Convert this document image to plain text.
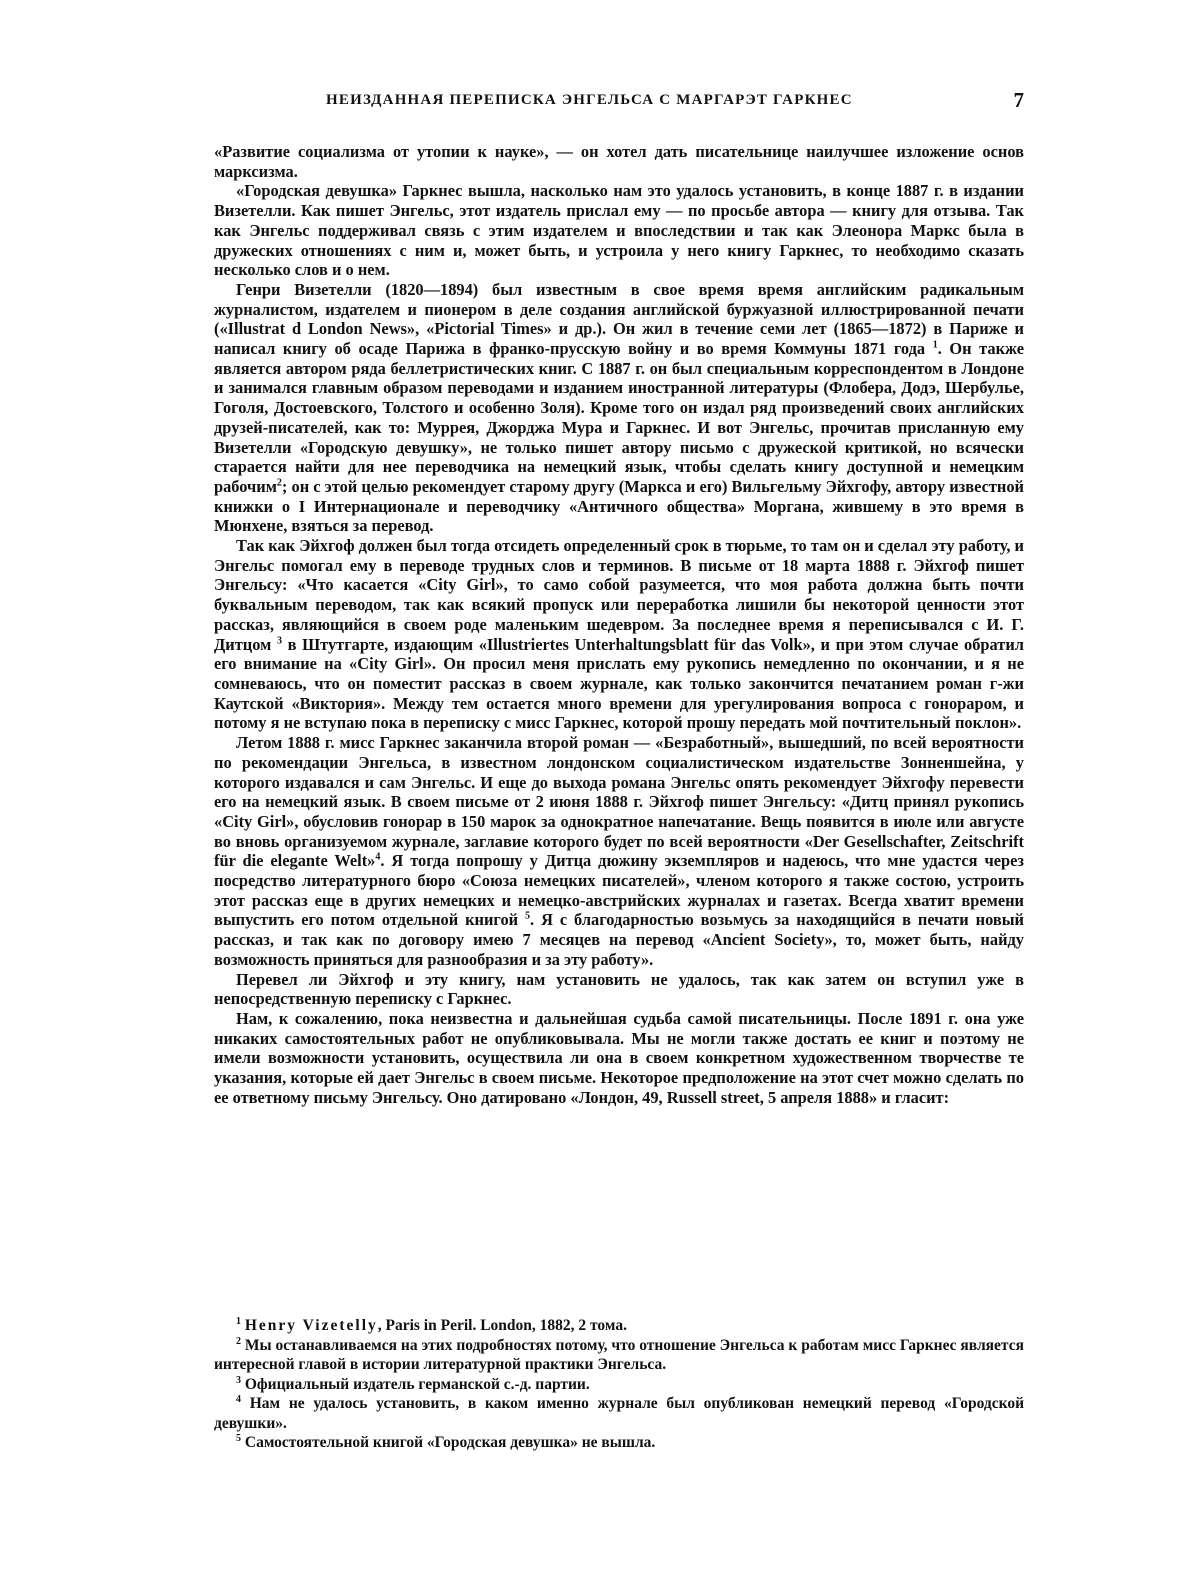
НЕИЗДАННАЯ ПЕРЕПИСКА ЭНГЕЛЬСА С МАРГАРЭТ ГАРКНЕС	7

«Развитие социализма от утопии к науке», — он хотел дать писательнице наилучшее изложение основ марксизма.

«Городская девушка» Гаркнес вышла, насколько нам это удалось установить, в конце 1887 г. в издании Визетелли. Как пишет Энгельс, этот издатель прислал ему — по просьбе автора — книгу для отзыва. Так как Энгельс поддерживал связь с этим издателем и впоследствии и так как Элеонора Маркс была в дружеских отношениях с ним и, может быть, и устроила у него книгу Гаркнес, то необходимо сказать несколько слов и о нем.

Генри Визетелли (1820—1894) был известным в свое время время английским радикальным журналистом, издателем и пионером в деле создания английской буржуазной иллюстрированной печати («Illustrat d London News», «Pictorial Times» и др.). Он жил в течение семи лет (1865—1872) в Париже и написал книгу об осаде Парижа в франко-прусскую войну и во время Коммуны 1871 года $^1$. Он также является автором ряда беллетристических книг. С 1887 г. он был специальным корреспондентом в Лондоне и занимался главным образом переводами и изданием иностранной литературы (Флобера, Додэ, Шербулье, Гоголя, Достоевского, Толстого и особенно Золя). Кроме того он издал ряд произведений своих английских друзей-писателей, как то: Муррея, Джорджа Мура и Гаркнес. И вот Энгельс, прочитав присланную ему Визетелли «Городскую девушку», не только пишет автору письмо с дружеской критикой, но всячески старается найти для нее переводчика на немецкий язык, чтобы сделать книгу доступной и немецким рабочим$^2$; он с этой целью рекомендует старому другу (Маркса и его) Вильгельму Эйхгофу, автору известной книжки о I Интернационале и переводчику «Античного общества» Моргана, жившему в это время в Мюнхене, взяться за перевод.

Так как Эйхгоф должен был тогда отсидеть определенный срок в тюрьме, то там он и сделал эту работу, и Энгельс помогал ему в переводе трудных слов и терминов. В письме от 18 марта 1888 г. Эйхгоф пишет Энгельсу: «Что касается «City Girl», то само собой разумеется, что моя работа должна быть почти буквальным переводом, так как всякий пропуск или переработка лишили бы некоторой ценности этот рассказ, являющийся в своем роде маленьким шедевром. За последнее время я переписывался с И. Г. Дитцом $^3$ в Штутгарте, издающим «Illustriertes Unterhaltungsblatt für das Volk», и при этом случае обратил его внимание на «City Girl». Он просил меня прислать ему рукопись немедленно по окончании, и я не сомневаюсь, что он поместит рассказ в своем журнале, как только закончится печатанием роман г-жи Каутской «Виктория». Между тем остается много времени для урегулирования вопроса с гонораром, и потому я не вступаю пока в переписку с мисс Гаркнес, которой прошу передать мой почтительный поклон».

Летом 1888 г. мисс Гаркнес заканчила второй роман — «Безработный», вышедший, по всей вероятности по рекомендации Энгельса, в известном лондонском социалистическом издательстве Зонненшейна, у которого издавался и сам Энгельс. И еще до выхода романа Энгельс опять рекомендует Эйхгофу перевести его на немецкий язык. В своем письме от 2 июня 1888 г. Эйхгоф пишет Энгельсу: «Дитц принял рукопись «City Girl», обусловив гонорар в 150 марок за однократное напечатание. Вещь появится в июле или августе во вновь организуемом журнале, заглавие которого будет по всей вероятности «Der Gesellschafter, Zeitschrift für die elegante Welt»$^4$. Я тогда попрошу у Дитца дюжину экземпляров и надеюсь, что мне удастся через посредство литературного бюро «Союза немецких писателей», членом которого я также состою, устроить этот рассказ еще в других немецких и немецко-австрийских журналах и газетах. Всегда хватит времени выпустить его потом отдельной книгой $^5$. Я с благодарностью возьмусь за находящийся в печати новый рассказ, и так как по договору имею 7 месяцев на перевод «Ancient Society», то, может быть, найду возможность приняться для разнообразия и за эту работу».

Перевел ли Эйхгоф и эту книгу, нам установить не удалось, так как затем он вступил уже в непосредственную переписку с Гаркнес.

Нам, к сожалению, пока неизвестна и дальнейшая судьба самой писательницы. После 1891 г. она уже никаких самостоятельных работ не опубликовывала. Мы не могли также достать ее книг и поэтому не имели возможности установить, осуществила ли она в своем конкретном художественном творчестве те указания, которые ей дает Энгельс в своем письме. Некоторое предположение на этот счет можно сделать по ее ответному письму Энгельсу. Оно датировано «Лондон, 49, Russell street, 5 апреля 1888» и гласит:

$^1$ Henry Vizetelly, Paris in Peril. London, 1882, 2 тома.

$^2$ Мы останавливаемся на этих подробностях потому, что отношение Энгельса к работам мисс Гаркнес является интересной главой в истории литературной практики Энгельса.

$^3$ Официальный издатель германской с.-д. партии.

$^4$ Нам не удалось установить, в каком именно журнале был опубликован немецкий перевод «Городской девушки».

$^5$ Самостоятельной книгой «Городская девушка» не вышла.
